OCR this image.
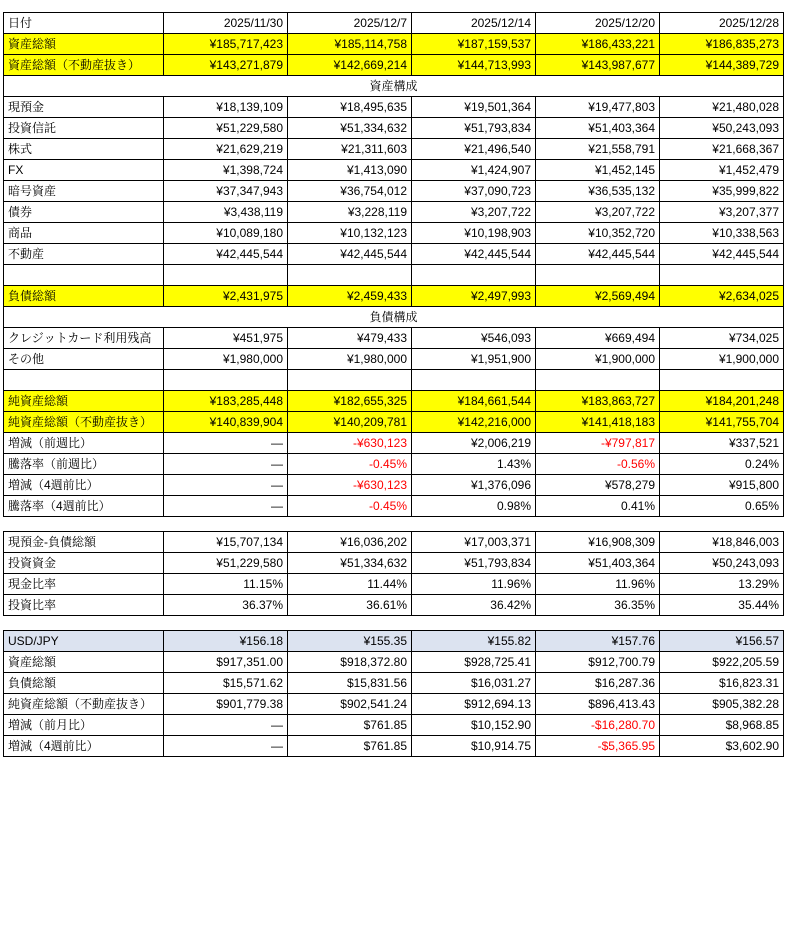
日付	2025/11/30	2025/12/7	2025/12/14	2025/12/20	2025/12/28
資産総額	¥185,717,423	¥185,114,758	¥187,159,537	¥186,433,221	¥186,835,273
資産総額（不動産抜き）	¥143,271,879	¥142,669,214	¥144,713,993	¥143,987,677	¥144,389,729
資産構成					
現預金	¥18,139,109	¥18,495,635	¥19,501,364	¥19,477,803	¥21,480,028
投資信託	¥51,229,580	¥51,334,632	¥51,793,834	¥51,403,364	¥50,243,093
株式	¥21,629,219	¥21,311,603	¥21,496,540	¥21,558,791	¥21,668,367
FX	¥1,398,724	¥1,413,090	¥1,424,907	¥1,452,145	¥1,452,479
暗号資産	¥37,347,943	¥36,754,012	¥37,090,723	¥36,535,132	¥35,999,822
債券	¥3,438,119	¥3,228,119	¥3,207,722	¥3,207,722	¥3,207,377
商品	¥10,089,180	¥10,132,123	¥10,198,903	¥10,352,720	¥10,338,563
不動産	¥42,445,544	¥42,445,544	¥42,445,544	¥42,445,544	¥42,445,544

負債総額	¥2,431,975	¥2,459,433	¥2,497,993	¥2,569,494	¥2,634,025
負債構成					
クレジットカード利用残高	¥451,975	¥479,433	¥546,093	¥669,494	¥734,025
その他	¥1,980,000	¥1,980,000	¥1,951,900	¥1,900,000	¥1,900,000

純資産総額	¥183,285,448	¥182,655,325	¥184,661,544	¥183,863,727	¥184,201,248
純資産総額（不動産抜き）	¥140,839,904	¥140,209,781	¥142,216,000	¥141,418,183	¥141,755,704
増減（前週比）	—	-¥630,123	¥2,006,219	-¥797,817	¥337,521
騰落率（前週比）	—	-0.45%	1.43%	-0.56%	0.24%
増減（4週前比）	—	-¥630,123	¥1,376,096	¥578,279	¥915,800
騰落率（4週前比）	—	-0.45%	0.98%	0.41%	0.65%
現預金-負債総額	¥15,707,134	¥16,036,202	¥17,003,371	¥16,908,309	¥18,846,003
投資資金	¥51,229,580	¥51,334,632	¥51,793,834	¥51,403,364	¥50,243,093
現金比率	11.15%	11.44%	11.96%	11.96%	13.29%
投資比率	36.37%	36.61%	36.42%	36.35%	35.44%
USD/JPY	¥156.18	¥155.35	¥155.82	¥157.76	¥156.57
資産総額	$917,351.00	$918,372.80	$928,725.41	$912,700.79	$922,205.59
負債総額	$15,571.62	$15,831.56	$16,031.27	$16,287.36	$16,823.31
純資産総額（不動産抜き）	$901,779.38	$902,541.24	$912,694.13	$896,413.43	$905,382.28
増減（前月比）	—	$761.85	$10,152.90	-$16,280.70	$8,968.85
増減（4週前比）	—	$761.85	$10,914.75	-$5,365.95	$3,602.90
